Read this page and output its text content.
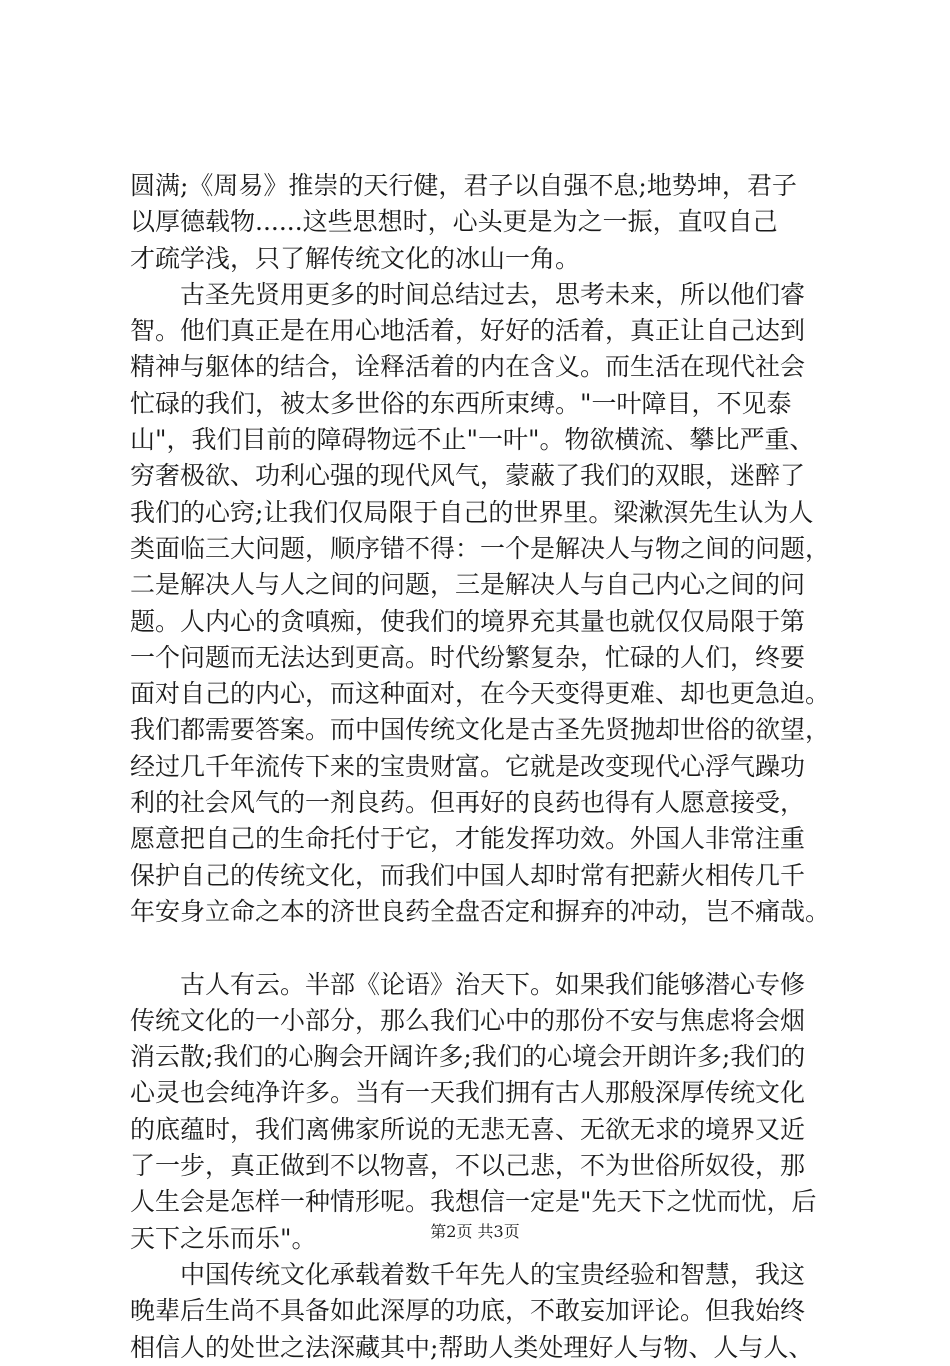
圆满;《周易》推崇的天行健，君子以自强不息;地势坤，君子
以厚德载物......这些思想时，心头更是为之一振，直叹自己
才疏学浅，只了解传统文化的冰山一角。
　　古圣先贤用更多的时间总结过去，思考未来，所以他们睿
智。他们真正是在用心地活着，好好的活着，真正让自己达到
精神与躯体的结合，诠释活着的内在含义。而生活在现代社会
忙碌的我们，被太多世俗的东西所束缚。"一叶障目，不见泰
山"，我们目前的障碍物远不止"一叶"。物欲横流、攀比严重、
穷奢极欲、功利心强的现代风气，蒙蔽了我们的双眼，迷醉了
我们的心窍;让我们仅局限于自己的世界里。梁漱溟先生认为人
类面临三大问题，顺序错不得：一个是解决人与物之间的问题，
二是解决人与人之间的问题，三是解决人与自己内心之间的问
题。人内心的贪嗔痴，使我们的境界充其量也就仅仅局限于第
一个问题而无法达到更高。时代纷繁复杂，忙碌的人们，终要
面对自己的内心，而这种面对，在今天变得更难、却也更急迫。
我们都需要答案。而中国传统文化是古圣先贤抛却世俗的欲望，
经过几千年流传下来的宝贵财富。它就是改变现代心浮气躁功
利的社会风气的一剂良药。但再好的良药也得有人愿意接受，
愿意把自己的生命托付于它，才能发挥功效。外国人非常注重
保护自己的传统文化，而我们中国人却时常有把薪火相传几千
年安身立命之本的济世良药全盘否定和摒弃的冲动，岂不痛哉。
　　古人有云。半部《论语》治天下。如果我们能够潜心专修
传统文化的一小部分，那么我们心中的那份不安与焦虑将会烟
消云散;我们的心胸会开阔许多;我们的心境会开朗许多;我们的
心灵也会纯净许多。当有一天我们拥有古人那般深厚传统文化
的底蕴时，我们离佛家所说的无悲无喜、无欲无求的境界又近
了一步，真正做到不以物喜，不以己悲，不为世俗所奴役，那
人生会是怎样一种情形呢。我想信一定是"先天下之忧而忧，后
天下之乐而乐"。
　　中国传统文化承载着数千年先人的宝贵经验和智慧，我这
晚辈后生尚不具备如此深厚的功底，不敢妄加评论。但我始终
相信人的处世之法深藏其中;帮助人类处理好人与物、人与人、
第2页 共3页
